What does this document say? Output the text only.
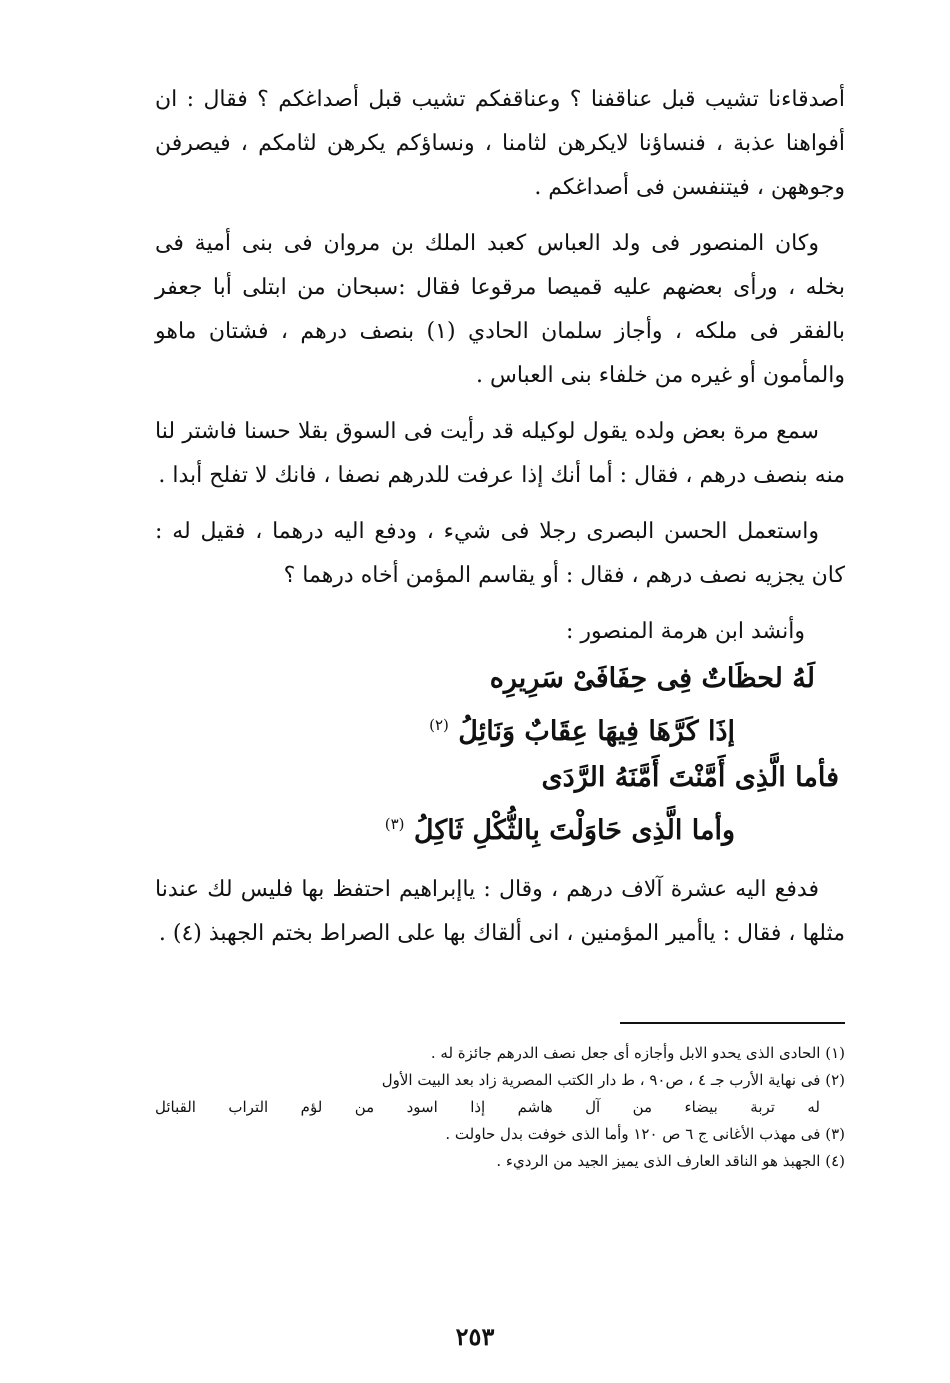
أصدقاءنا تشيب قبل عناقفنا ؟ وعناقفكم تشيب قبل أصداغكم ؟ فقال : ان أفواهنا عذبة ، فنساؤنا لايكرهن لثامنا ، ونساؤكم يكرهن لثامكم ، فيصرفن وجوههن ، فيتنفسن فى أصداغكم .

وكان المنصور فى ولد العباس كعبد الملك بن مروان فى بنى أمية فى بخله ، ورأى بعضهم عليه قميصا مرقوعا فقال :سبحان من ابتلى أبا جعفر بالفقر فى ملكه ، وأجاز سلمان الحادي (١) بنصف درهم ، فشتان ماهو والمأمون أو غيره من خلفاء بنى العباس .

سمع مرة بعض ولده يقول لوكيله قد رأيت فى السوق بقلا حسنا فاشتر لنا منه بنصف درهم ، فقال : أما أنك إذا عرفت للدرهم نصفا ، فانك لا تفلح أبدا .

واستعمل الحسن البصرى رجلا فى شيء ، ودفع اليه درهما ، فقيل له : كان يجزيه نصف درهم ، فقال : أو يقاسم المؤمن أخاه درهما ؟

وأنشد ابن هرمة المنصور :

لَهُ لحظَاتٌ فِى حِفَافَىْ سَرِيرِه
إذَا كَرَّهَا فِيهَا عِقَابٌ وَنَائِلُ $^{(٢)}$
فأما الَّذِى أَمَّنْتَ أَمَّنَهُ الرَّدَى
وأما الَّذِى حَاوَلْتَ بِالثُّكْلِ ثَاكِلُ $^{(٣)}$

فدفع اليه عشرة آلاف درهم ، وقال : ياإبراهيم احتفظ بها فليس لك عندنا مثلها ، فقال : ياأمير المؤمنين ، انى ألقاك بها على الصراط بختم الجهبذ (٤) .

(١) الحادى الذى يحدو الابل وأجازه أى جعل نصف الدرهم جائزة له .

(٢) فى نهاية الأرب جـ ٤ ، ص٩٠ ، ط دار الكتب المصرية زاد بعد البيت الأول

له تربة بيضاء من آل هاشم إذا اسود من لؤم التراب القبائل

(٣) فى مهذب الأغانى ج ٦ ص ١٢٠ وأما الذى خوفت بدل حاولت .

(٤) الجهبذ هو الناقد العارف الذى يميز الجيد من الرديء .

٢٥٣
